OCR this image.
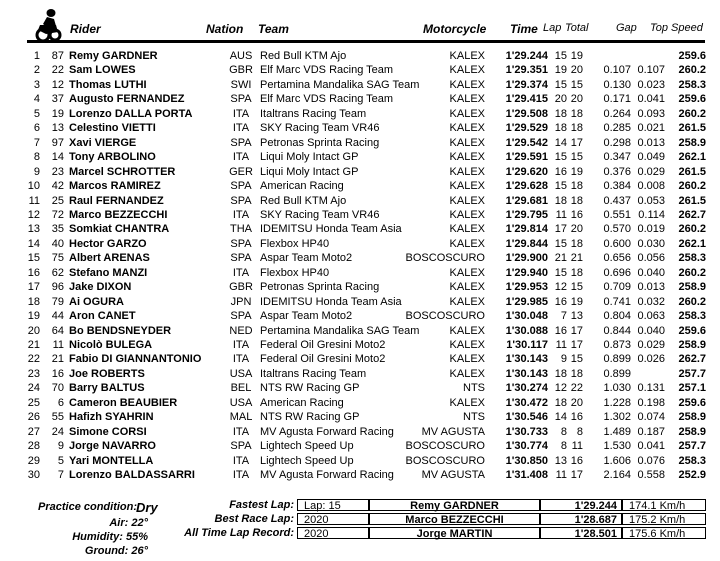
Rider	Nation Team	Motorcycle Time Lap Total	Gap Top Speed
1	87 Remy GARDNER	AUS Red Bull KTM Ajo	KALEX	1'29.244 15 19	259.6
2	22 Sam LOWES	GBR Elf Marc VDS Racing Team	KALEX	1'29.351 19 20	0.107 0.107	260.2
3	12 Thomas LUTHI	SWI Pertamina Mandalika SAG Team	KALEX	1'29.374 15 15	0.130 0.023	258.3
4	37 Augusto FERNANDEZ	SPA Elf Marc VDS Racing Team	KALEX	1'29.415 20 20	0.171 0.041	259.6
5	19 Lorenzo DALLA PORTA	ITA Italtrans Racing Team	KALEX	1'29.508 18 18	0.264 0.093	260.2
6	13 Celestino VIETTI	ITA SKY Racing Team VR46	KALEX	1'29.529 18 18	0.285 0.021	261.5
7	97 Xavi VIERGE	SPA Petronas Sprinta Racing	KALEX	1'29.542 14 17	0.298 0.013	258.9
8	14 Tony ARBOLINO	ITA Liqui Moly Intact GP	KALEX	1'29.591 15 15	0.347 0.049	262.1
9	23 Marcel SCHROTTER	GER Liqui Moly Intact GP	KALEX	1'29.620 16 19	0.376 0.029	261.5
10	42 Marcos RAMIREZ	SPA American Racing	KALEX	1'29.628 15 18	0.384 0.008	260.2
11	25 Raul FERNANDEZ	SPA Red Bull KTM Ajo	KALEX	1'29.681 18 18	0.437 0.053	261.5
12	72 Marco BEZZECCHI	ITA SKY Racing Team VR46	KALEX	1'29.795 11 16	0.551 0.114	262.7
13	35 Somkiat CHANTRA	THA IDEMITSU Honda Team Asia	KALEX	1'29.814 17 20	0.570 0.019	260.2
14	40 Hector GARZO	SPA Flexbox HP40	KALEX	1'29.844 15 18	0.600 0.030	262.1
15	75 Albert ARENAS	SPA Aspar Team Moto2	BOSCOSCURO	1'29.900 21 21	0.656 0.056	258.3
16	62 Stefano MANZI	ITA Flexbox HP40	KALEX	1'29.940 15 18	0.696 0.040	260.2
17	96 Jake DIXON	GBR Petronas Sprinta Racing	KALEX	1'29.953 12 15	0.709 0.013	258.9
18	79 Ai OGURA	JPN IDEMITSU Honda Team Asia	KALEX	1'29.985 16 19	0.741 0.032	260.2
19	44 Aron CANET	SPA Aspar Team Moto2	BOSCOSCURO	1'30.048	7 13	0.804 0.063	258.3
20	64 Bo BENDSNEYDER	NED Pertamina Mandalika SAG Team	KALEX	1'30.088 16 17	0.844 0.040	259.6
21	11 Nicolò BULEGA	ITA Federal Oil Gresini Moto2	KALEX	1'30.117 11 17	0.873 0.029	258.9
22	21 Fabio DI GIANNANTONIO	ITA Federal Oil Gresini Moto2	KALEX	1'30.143	9 15	0.899 0.026	262.7
23	16 Joe ROBERTS	USA Italtrans Racing Team	KALEX	1'30.143 18 18	0.899	257.7
24	70 Barry BALTUS	BEL NTS RW Racing GP	NTS	1'30.274 12 22	1.030 0.131	257.1
25	6 Cameron BEAUBIER	USA American Racing	KALEX	1'30.472 18 20	1.228 0.198	259.6
26	55 Hafizh SYAHRIN	MAL NTS RW Racing GP	NTS	1'30.546 14 16	1.302 0.074	258.9
27	24 Simone CORSI	ITA MV Agusta Forward Racing	MV AGUSTA	1'30.733	8 8	1.489 0.187	258.9
28	9 Jorge NAVARRO	SPA Lightech Speed Up	BOSCOSCURO	1'30.774	8 11	1.530 0.041	257.7
29	5 Yari MONTELLA	ITA Lightech Speed Up	BOSCOSCURO	1'30.850 13 16	1.606 0.076	258.3
30	7 Lorenzo BALDASSARRI	ITA MV Agusta Forward Racing	MV AGUSTA	1'31.408 11 17	2.164 0.558	252.9
Practice condition:
Dry
Air: 22°
Humidity: 55%
Ground: 26°
Fastest Lap: Lap: 15	Remy GARDNER	1'29.244	174.1 Km/h
Best Race Lap: 2020	Marco BEZZECCHI	1'28.687	175.2 Km/h
All Time Lap Record: 2020	Jorge MARTIN	1'28.501	175.6 Km/h
